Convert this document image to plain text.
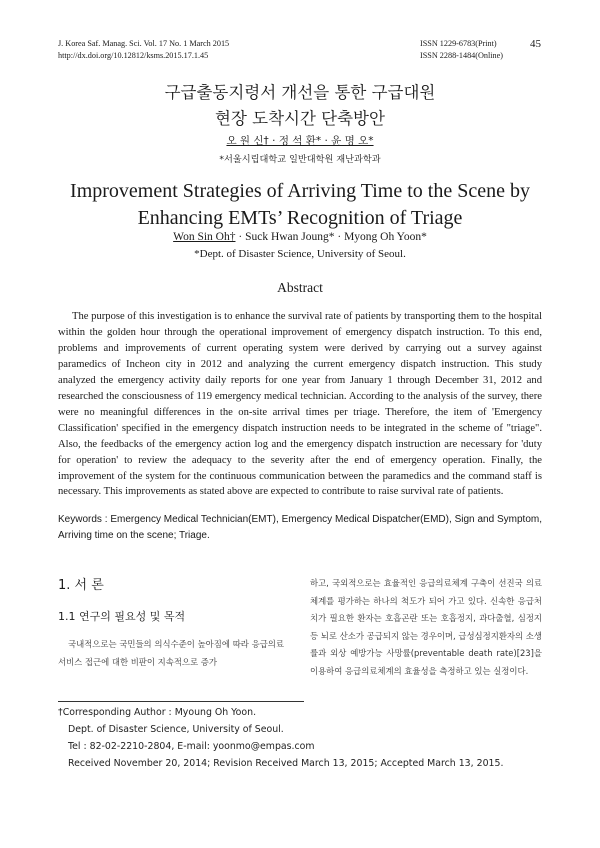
J. Korea Saf. Manag. Sci. Vol. 17 No. 1 March 2015
http://dx.doi.org/10.12812/ksms.2015.17.1.45
ISSN 1229-6783(Print)
ISSN 2288-1484(Online)
45
구급출동지령서 개선을 통한 구급대원
현장 도착시간 단축방안
오 원 신† · 정 석 환* · 윤 명 오*
*서울시립대학교 일반대학원 재난과학과
Improvement Strategies of Arriving Time to the Scene by
Enhancing EMTs’ Recognition of Triage
Won Sin Oh† · Suck Hwan Joung* · Myong Oh Yoon*
*Dept. of Disaster Science, University of Seoul.
Abstract

The purpose of this investigation is to enhance the survival rate of patients by transporting them to the hospital within the golden hour through the operational improvement of emergency dispatch instruction. To this end, problems and improvements of current operating system were derived by carrying out a survey against paramedics of Incheon city in 2012 and analyzing the current emergency dispatch instruction. This study analyzed the emergency activity daily reports for one year from January 1 through December 31, 2012 and researched the consciousness of 119 emergency medical technician. According to the analysis of the survey, there were no meaningful differences in the on-site arrival times per triage. Therefore, the item of 'Emergency Classification' specified in the emergency dispatch instruction needs to be integrated in the scheme of "triage". Also, the feedbacks of the emergency action log and the emergency dispatch instruction are necessary for 'duty for operation' to review the adequacy to the severity after the end of emergency operation. Finally, the improvement of the system for the continuous communication between the paramedics and the command staff is necessary. This improvements as stated above are expected to contribute to raise survival rate of patients.

Keywords : Emergency Medical Technician(EMT), Emergency Medical Dispatcher(EMD), Sign and Symptom, Arriving time on the scene; Triage.

1. 서 론
1.1 연구의 필요성 및 목적

국내적으로는 국민들의 의식수준이 높아짐에 따라 응급의료 서비스 접근에 대한 비판이 지속적으로 증가

하고, 국외적으로는 효율적인 응급의료체계 구축이 선진국 의료체계를 평가하는 하나의 척도가 되어 가고 있다. 신속한 응급처치가 필요한 환자는 호흡곤란 또는 호흡정지, 과다출혈, 심정지 등 뇌로 산소가 공급되지 않는 경우이며, 급성심정지환자의 소생률과 외상 예방가능 사망률(preventable death rate)[23]을 이용하여 응급의료체계의 효율성을 측정하고 있는 실정이다.

†Corresponding Author : Myoung Oh Yoon.
Dept. of Disaster Science, University of Seoul.
Tel : 82-02-2210-2804, E-mail: yoonmo@empas.com
Received November 20, 2014; Revision Received March 13, 2015; Accepted March 13, 2015.
